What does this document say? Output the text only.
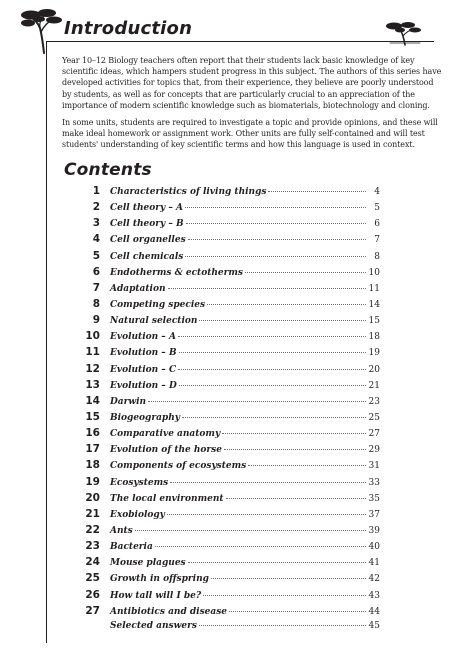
Introduction

Year 10–12 Biology teachers often report that their students lack basic knowledge of key scientific ideas, which hampers student progress in this subject. The authors of this series have developed activities for topics that, from their experience, they believe are poorly understood by students, as well as for concepts that are particularly crucial to an appreciation of the importance of modern scientific knowledge such as biomaterials, biotechnology and cloning.

In some units, students are required to investigate a topic and provide opinions, and these will make ideal homework or assignment work. Other units are fully self-contained and will test students' understanding of key scientific terms and how this language is used in context.

Contents
1 Characteristics of living things	4
2 Cell theory – A	5
3 Cell theory – B	6
4 Cell organelles	7
5 Cell chemicals	8
6 Endotherms & ectotherms	10
7 Adaptation	11
8 Competing species	14
9 Natural selection	15
10 Evolution – A	18
11 Evolution – B	19
12 Evolution – C	20
13 Evolution – D	21
14 Darwin	23
15 Biogeography	25
16 Comparative anatomy	27
17 Evolution of the horse	29
18 Components of ecosystems	31
19 Ecosystems	33
20 The local environment	35
21 Exobiology	37
22 Ants	39
23 Bacteria	40
24 Mouse plagues	41
25 Growth in offspring	42
26 How tall will I be?	43
27 Antibiotics and disease	44
Selected answers	45
